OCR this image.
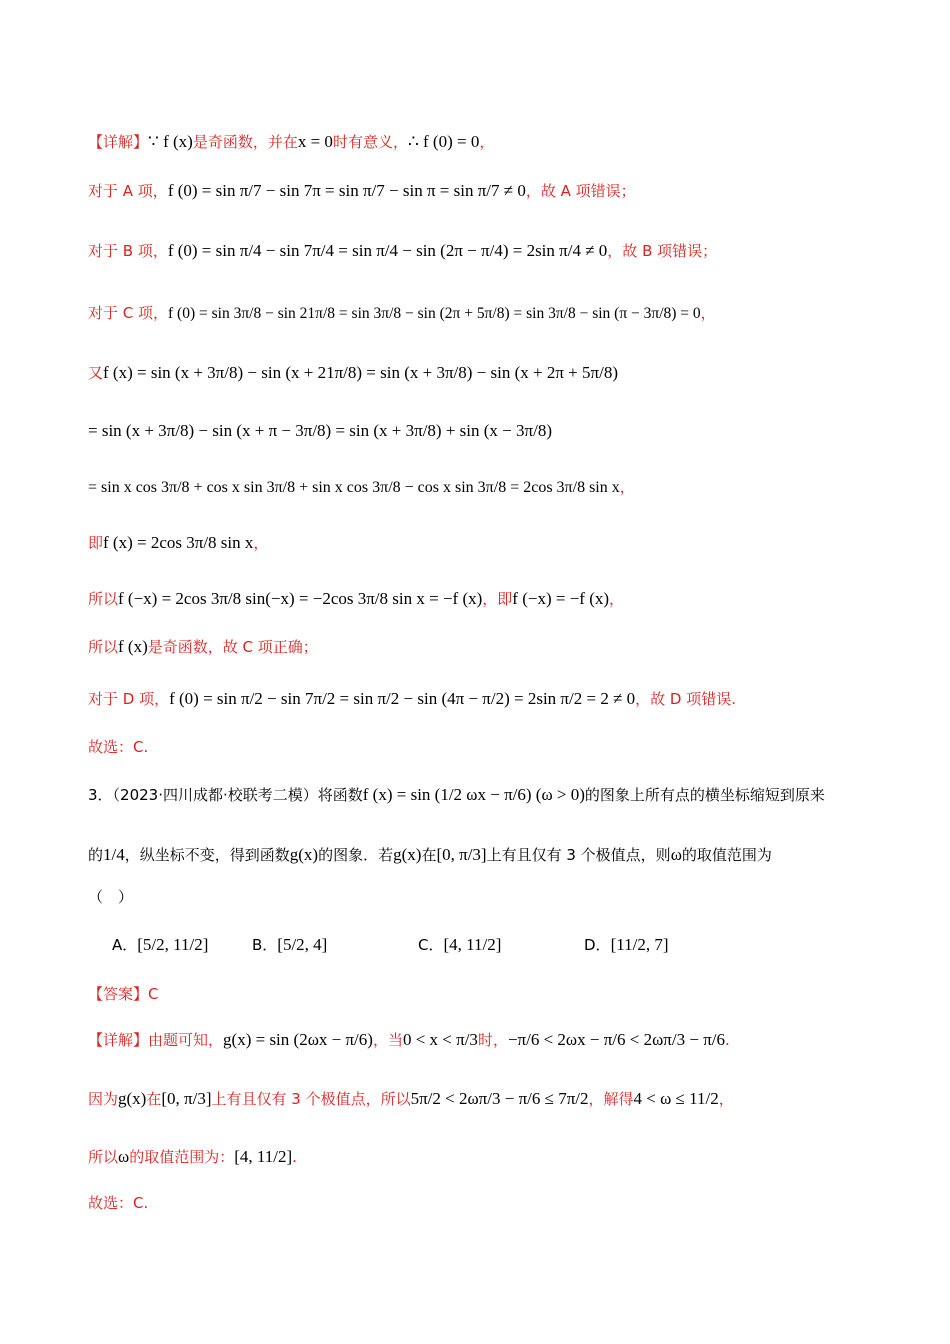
【详解】∵ f (x)是奇函数，并在x = 0时有意义，∴ f (0) = 0，
对于 A 项，f (0) = sin π/7 − sin 7π = sin π/7 − sin π = sin π/7 ≠ 0，故 A 项错误；
对于 B 项，f (0) = sin π/4 − sin 7π/4 = sin π/4 − sin (2π − π/4) = 2sin π/4 ≠ 0，故 B 项错误；
对于 C 项，f (0) = sin 3π/8 − sin 21π/8 = sin 3π/8 − sin (2π + 5π/8) = sin 3π/8 − sin (π − 3π/8) = 0，
又f (x) = sin (x + 3π/8) − sin (x + 21π/8) = sin (x + 3π/8) − sin (x + 2π + 5π/8)
= sin (x + 3π/8) − sin (x + π − 3π/8) = sin (x + 3π/8) + sin (x − 3π/8)
= sin x cos 3π/8 + cos x sin 3π/8 + sin x cos 3π/8 − cos x sin 3π/8 = 2cos 3π/8 sin x，
即f (x) = 2cos 3π/8 sin x，
所以f (−x) = 2cos 3π/8 sin(−x) = −2cos 3π/8 sin x = −f (x)，即f (−x) = −f (x)，
所以f (x)是奇函数，故 C 项正确；
对于 D 项，f (0) = sin π/2 − sin 7π/2 = sin π/2 − sin (4π − π/2) = 2sin π/2 = 2 ≠ 0，故 D 项错误.
故选：C.
3．（2023·四川成都·校联考二模）将函数f (x) = sin (1/2 ωx − π/6) (ω > 0)的图象上所有点的横坐标缩短到原来
的1/4，纵坐标不变，得到函数g(x)的图象．若g(x)在[0, π/3]上有且仅有 3 个极值点，则ω的取值范围为
（　）
A．[5/2, 11/2]	B．[5/2, 4]	C．[4, 11/2]	D．[11/2, 7]
【答案】C
【详解】由题可知，g(x) = sin (2ωx − π/6)，当0 < x < π/3时，−π/6 < 2ωx − π/6 < 2ωπ/3 − π/6.
因为g(x)在[0, π/3]上有且仅有 3 个极值点，所以5π/2 < 2ωπ/3 − π/6 ≤ 7π/2，解得4 < ω ≤ 11/2，
所以ω的取值范围为：[4, 11/2].
故选：C.
